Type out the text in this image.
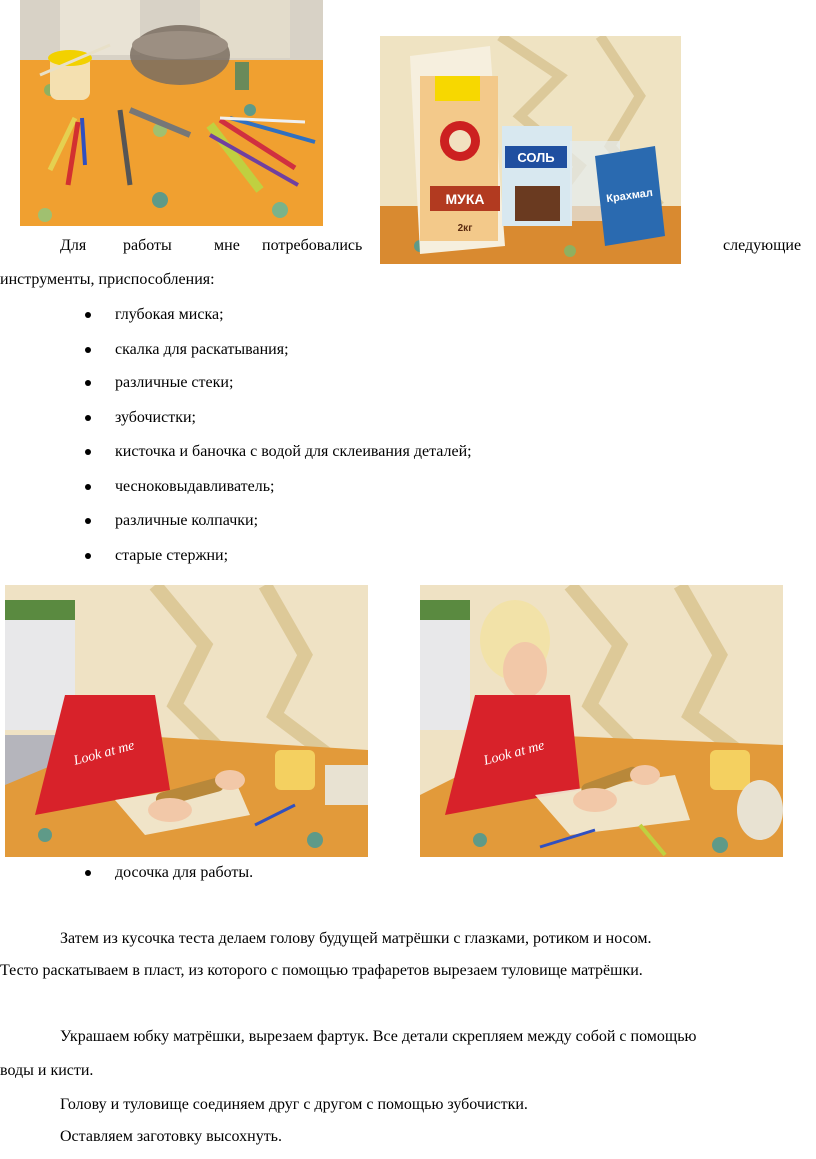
МУКА
2кг
СОЛЬ
Крахмал
Для работы	мне потребовались	следующие
инструменты, приспособления:
глубокая миска;
скалка для раскатывания;
различные стеки;
зубочистки;
кисточка и баночка с водой для склеивания деталей;
чесноковыдавливатель;
различные колпачки;
старые стержни;
Look at me	Look at me
досочка для работы.
Затем из кусочка теста делаем голову будущей матрёшки с глазками, ротиком и носом.
Тесто раскатываем в пласт, из которого с помощью трафаретов вырезаем туловище матрёшки.
Украшаем юбку матрёшки, вырезаем фартук. Все детали скрепляем между собой с помощью
воды и кисти.
Голову и туловище соединяем друг с другом с помощью зубочистки.
Оставляем заготовку высохнуть.
